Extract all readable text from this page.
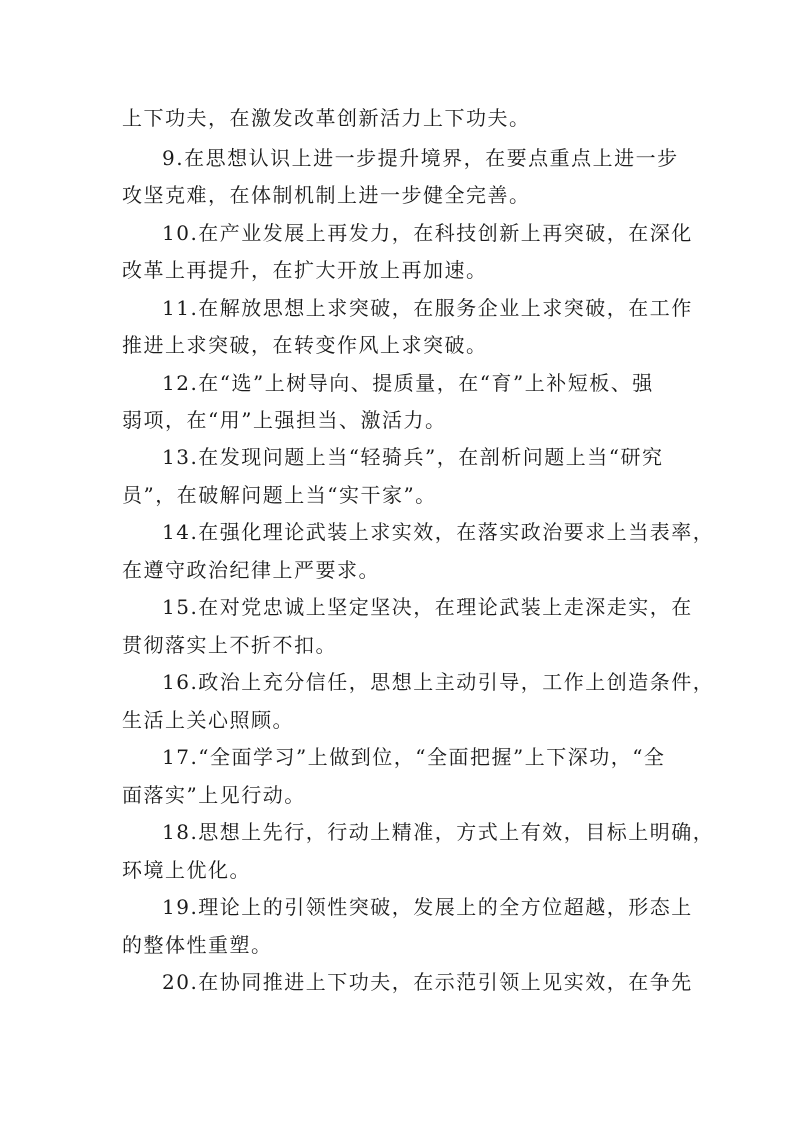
上下功夫，在激发改革创新活力上下功夫。
9.在思想认识上进一步提升境界，在要点重点上进一步
攻坚克难，在体制机制上进一步健全完善。
10.在产业发展上再发力，在科技创新上再突破，在深化
改革上再提升，在扩大开放上再加速。
11.在解放思想上求突破，在服务企业上求突破，在工作
推进上求突破，在转变作风上求突破。
12.在“选”上树导向、提质量，在“育”上补短板、强
弱项，在“用”上强担当、激活力。
13.在发现问题上当“轻骑兵”，在剖析问题上当“研究
员”，在破解问题上当“实干家”。
14.在强化理论武装上求实效，在落实政治要求上当表率，
在遵守政治纪律上严要求。
15.在对党忠诚上坚定坚决，在理论武装上走深走实，在
贯彻落实上不折不扣。
16.政治上充分信任，思想上主动引导，工作上创造条件，
生活上关心照顾。
17.“全面学习”上做到位，“全面把握”上下深功，“全
面落实”上见行动。
18.思想上先行，行动上精准，方式上有效，目标上明确，
环境上优化。
19.理论上的引领性突破，发展上的全方位超越，形态上
的整体性重塑。
20.在协同推进上下功夫，在示范引领上见实效，在争先
